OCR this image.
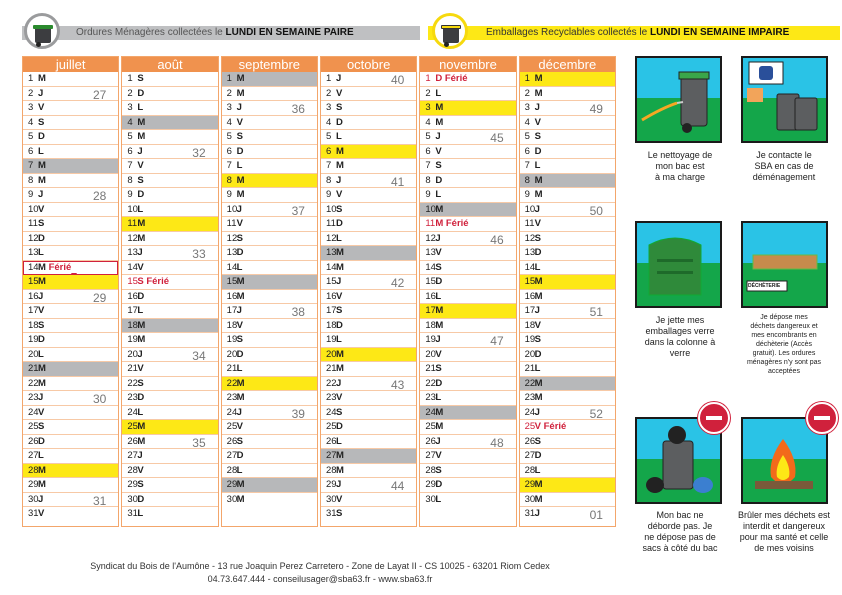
Ordures Ménagères collectées le LUNDI EN SEMAINE PAIRE	Emballages Recyclables collectés le LUNDI EN SEMAINE IMPAIRE
juillet
1 M
2 J	27
3 V
4 S
5 D
6 L
7 M
8 M
9 J	28
10V
11S
12D
13L
14M Férié
15M
16J	29
17V
18S
19D
20L
21M
22M
23J	30
24V
25S
26D
27L
28M
29M
30J	31
31V
août
1 S
2 D
3 L
4 M
5 M
6 J	32
7 V
8 S
9 D
10L
11M
12M
13J	33
14V
15S Férié
16D
17L
18M
19M
20J	34
21V
22S
23D
24L
25M
26M	35
27J
28V
29S
30D
31L
septembre
1 M
2 M
3 J	36
4 V
5 S
6 D
7 L
8 M
9 M
10J	37
11V
12S
13D
14L
15M
16M
17J	38
18V
19S
20D
21L
22M
23M
24J	39
25V
26S
27D
28L
29M
30M
octobre
1 J	40
2 V
3 S
4 D
5 L
6 M
7 M
8 J	41
9 V
10S
11D
12L
13M
14M
15J	42
16V
17S
18D
19L
20M
21M
22J	43
23V
24S
25D
26L
27M
28M
29J	44
30V
31S
novembre
1 D Férié
2 L
3 M
4 M
5 J	45
6 V
7 S
8 D
9 L
10M
11M Férié
12J	46
13V
14S
15D
16L
17M
18M
19J	47
20V
21S
22D
23L
24M
25M
26J	48
27V
28S
29D
30L
décembre
1 M
2 M
3 J	49
4 V
5 S
6 D
7 L
8 M
9 M
10J	50
11V
12S
13D
14L
15M
16M
17J	51
18V
19S
20D
21L
22M
23M
24J	52
25V Férié
26S
27D
28L
29M
30M
31J	01
Le nettoyage de
mon bac est
à ma charge
Je contacte le
SBA en cas de
déménagement
Je jette mes
emballages verre
dans la colonne à
verre
DÉCHÈTERIE
Je dépose mes
déchets dangereux et
mes encombrants en
déchèterie (Accès
gratuit). Les ordures
ménagères n'y sont pas
acceptées
Mon bac ne
déborde pas. Je
ne dépose pas de
sacs à côté du bac
Brûler mes déchets est
interdit et dangereux
pour ma santé et celle
de mes voisins
Syndicat du Bois de l'Aumône - 13 rue Joaquin Perez Carretero - Zone de Layat II - CS 10025 - 63201 Riom Cedex
04.73.647.444 - conseilusager@sba63.fr - www.sba63.fr
